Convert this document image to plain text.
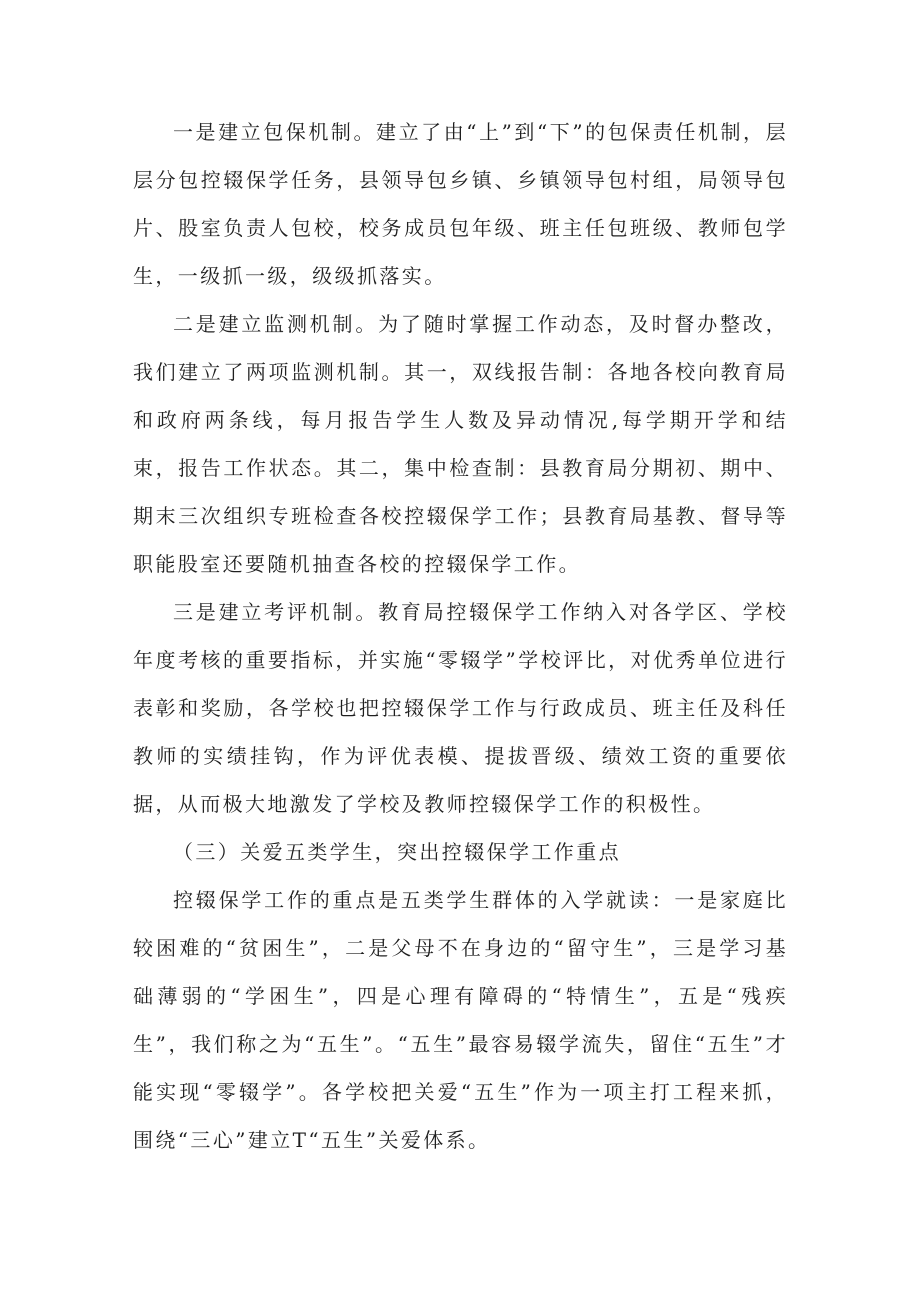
一是建立包保机制。建立了由“上”到“下”的包保责任机制，层层分包控辍保学任务，县领导包乡镇、乡镇领导包村组，局领导包片、股室负责人包校，校务成员包年级、班主任包班级、教师包学生，一级抓一级，级级抓落实。

二是建立监测机制。为了随时掌握工作动态，及时督办整改，我们建立了两项监测机制。其一，双线报告制：各地各校向教育局和政府两条线，每月报告学生人数及异动情况,每学期开学和结束，报告工作状态。其二，集中检查制：县教育局分期初、期中、期末三次组织专班检查各校控辍保学工作；县教育局基教、督导等职能股室还要随机抽查各校的控辍保学工作。

三是建立考评机制。教育局控辍保学工作纳入对各学区、学校年度考核的重要指标，并实施“零辍学”学校评比，对优秀单位进行表彰和奖励，各学校也把控辍保学工作与行政成员、班主任及科任教师的实绩挂钩，作为评优表模、提拔晋级、绩效工资的重要依据，从而极大地激发了学校及教师控辍保学工作的积极性。

（三）关爱五类学生，突出控辍保学工作重点

控辍保学工作的重点是五类学生群体的入学就读：一是家庭比较困难的“贫困生”，二是父母不在身边的“留守生”，三是学习基础薄弱的“学困生”，四是心理有障碍的“特情生”，五是“残疾生”，我们称之为“五生”。“五生”最容易辍学流失，留住“五生”才能实现“零辍学”。各学校把关爱“五生”作为一项主打工程来抓，围绕“三心”建立T“五生”关爱体系。
